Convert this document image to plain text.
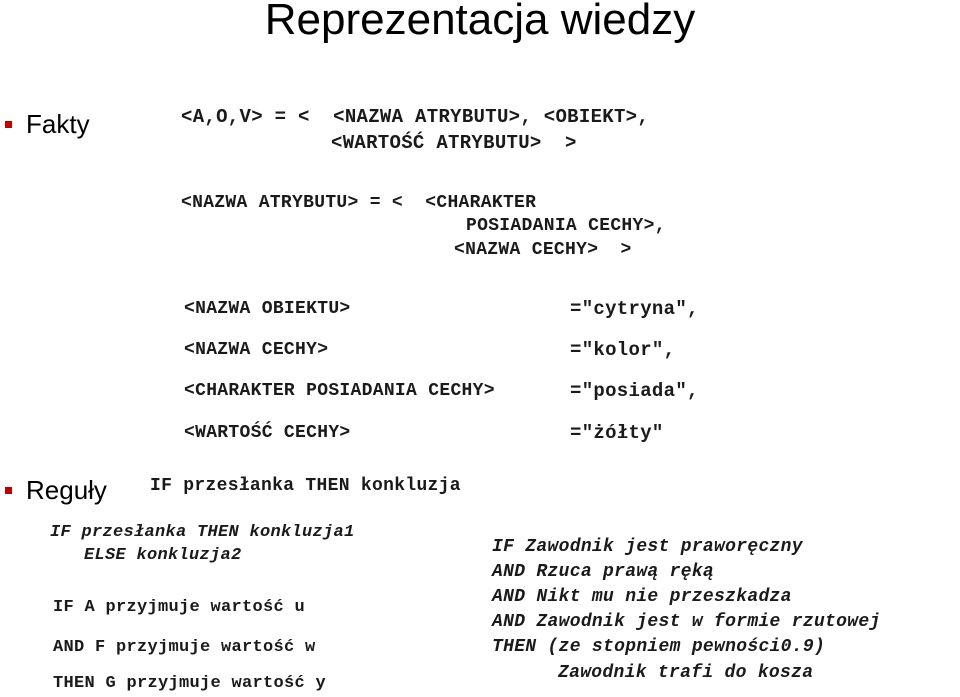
Reprezentacja wiedzy
Fakty	<A,O,V> = <  <NAZWA ATRYBUTU>, <OBIEKT>,
<WARTOŚĆ ATRYBUTU>  >
<NAZWA ATRYBUTU> = <  <CHARAKTER
POSIADANIA CECHY>,
<NAZWA CECHY>  >
<NAZWA OBIEKTU>	="cytryna",
<NAZWA CECHY>	="kolor",
<CHARAKTER POSIADANIA CECHY>	="posiada",
<WARTOŚĆ CECHY>	="żółty"
Reguły IF przesłanka THEN konkluzja
IF przesłanka THEN konkluzja1
ELSE konkluzja2
IF A przyjmuje wartość u
AND F przyjmuje wartość w
THEN G przyjmuje wartość y
IF Zawodnik jest praworęczny
AND Rzuca prawą ręką
AND Nikt mu nie przeszkadza
AND Zawodnik jest w formie rzutowej
THEN (ze stopniem pewności0.9)
Zawodnik trafi do kosza
